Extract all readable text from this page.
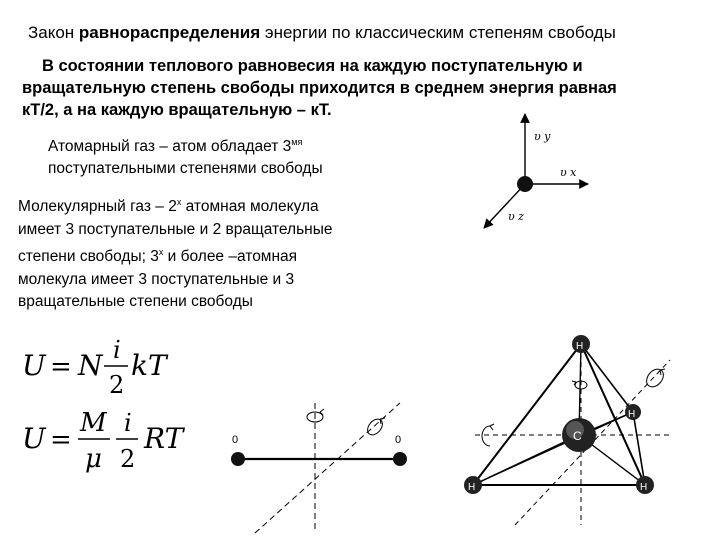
Закон равнораспределения энергии по классическим степеням свободы
В состоянии теплового равновесия на каждую поступательную и
вращательную степень свободы приходится в среднем энергия равная
кТ/2, а на каждую вращательную – кТ.
Атомарный газ – атом обладает $3^{мя}$
поступательными степенями свободы
Молекулярный газ – $2^х$ атомная молекула
имеет 3 поступательные и 2 вращательные
степени свободы; $3^х$ и более –атомная
молекула имеет 3 поступательные и 3
вращательные степени свободы
υ y
υ x
υ z
U = N i
2
kT
U =
M
μ
i
2
RT	0	0	С
Н
Н	Н
Н
